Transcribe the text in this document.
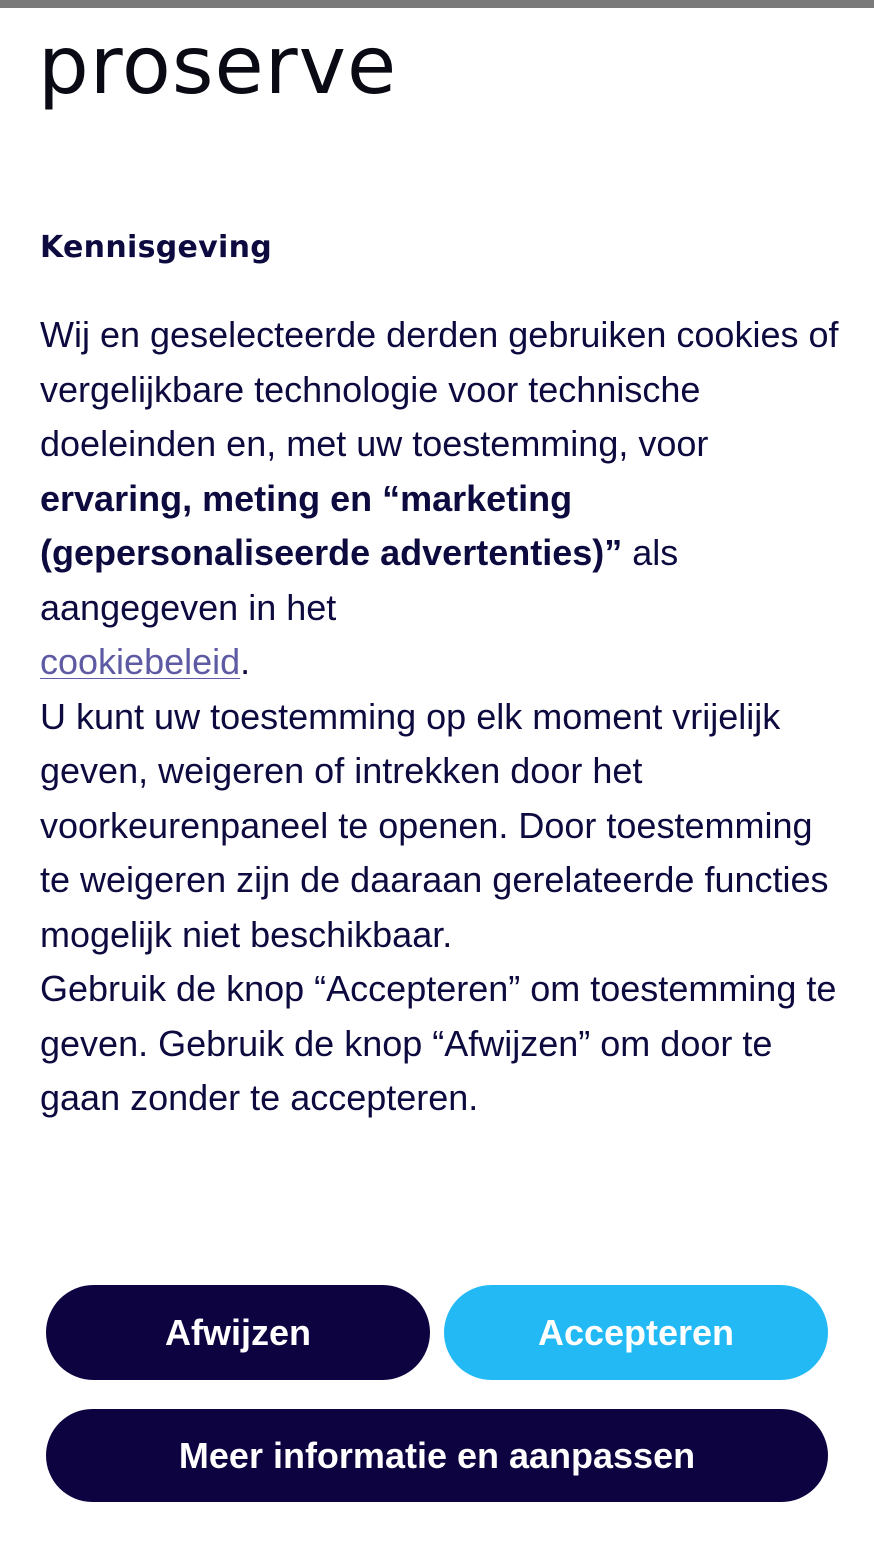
proserve
Kennisgeving
Wij en geselecteerde derden gebruiken cookies of vergelijkbare technologie voor technische doeleinden en, met uw toestemming, voor ervaring, meting en “marketing (gepersonaliseerde advertenties)” als aangegeven in het
cookiebeleid.
U kunt uw toestemming op elk moment vrijelijk geven, weigeren of intrekken door het voorkeurenpaneel te openen. Door toestemming te weigeren zijn de daaraan gerelateerde functies mogelijk niet beschikbaar.
Gebruik de knop “Accepteren” om toestemming te geven. Gebruik de knop “Afwijzen” om door te gaan zonder te accepteren.
Afwijzen	Accepteren
Meer informatie en aanpassen
